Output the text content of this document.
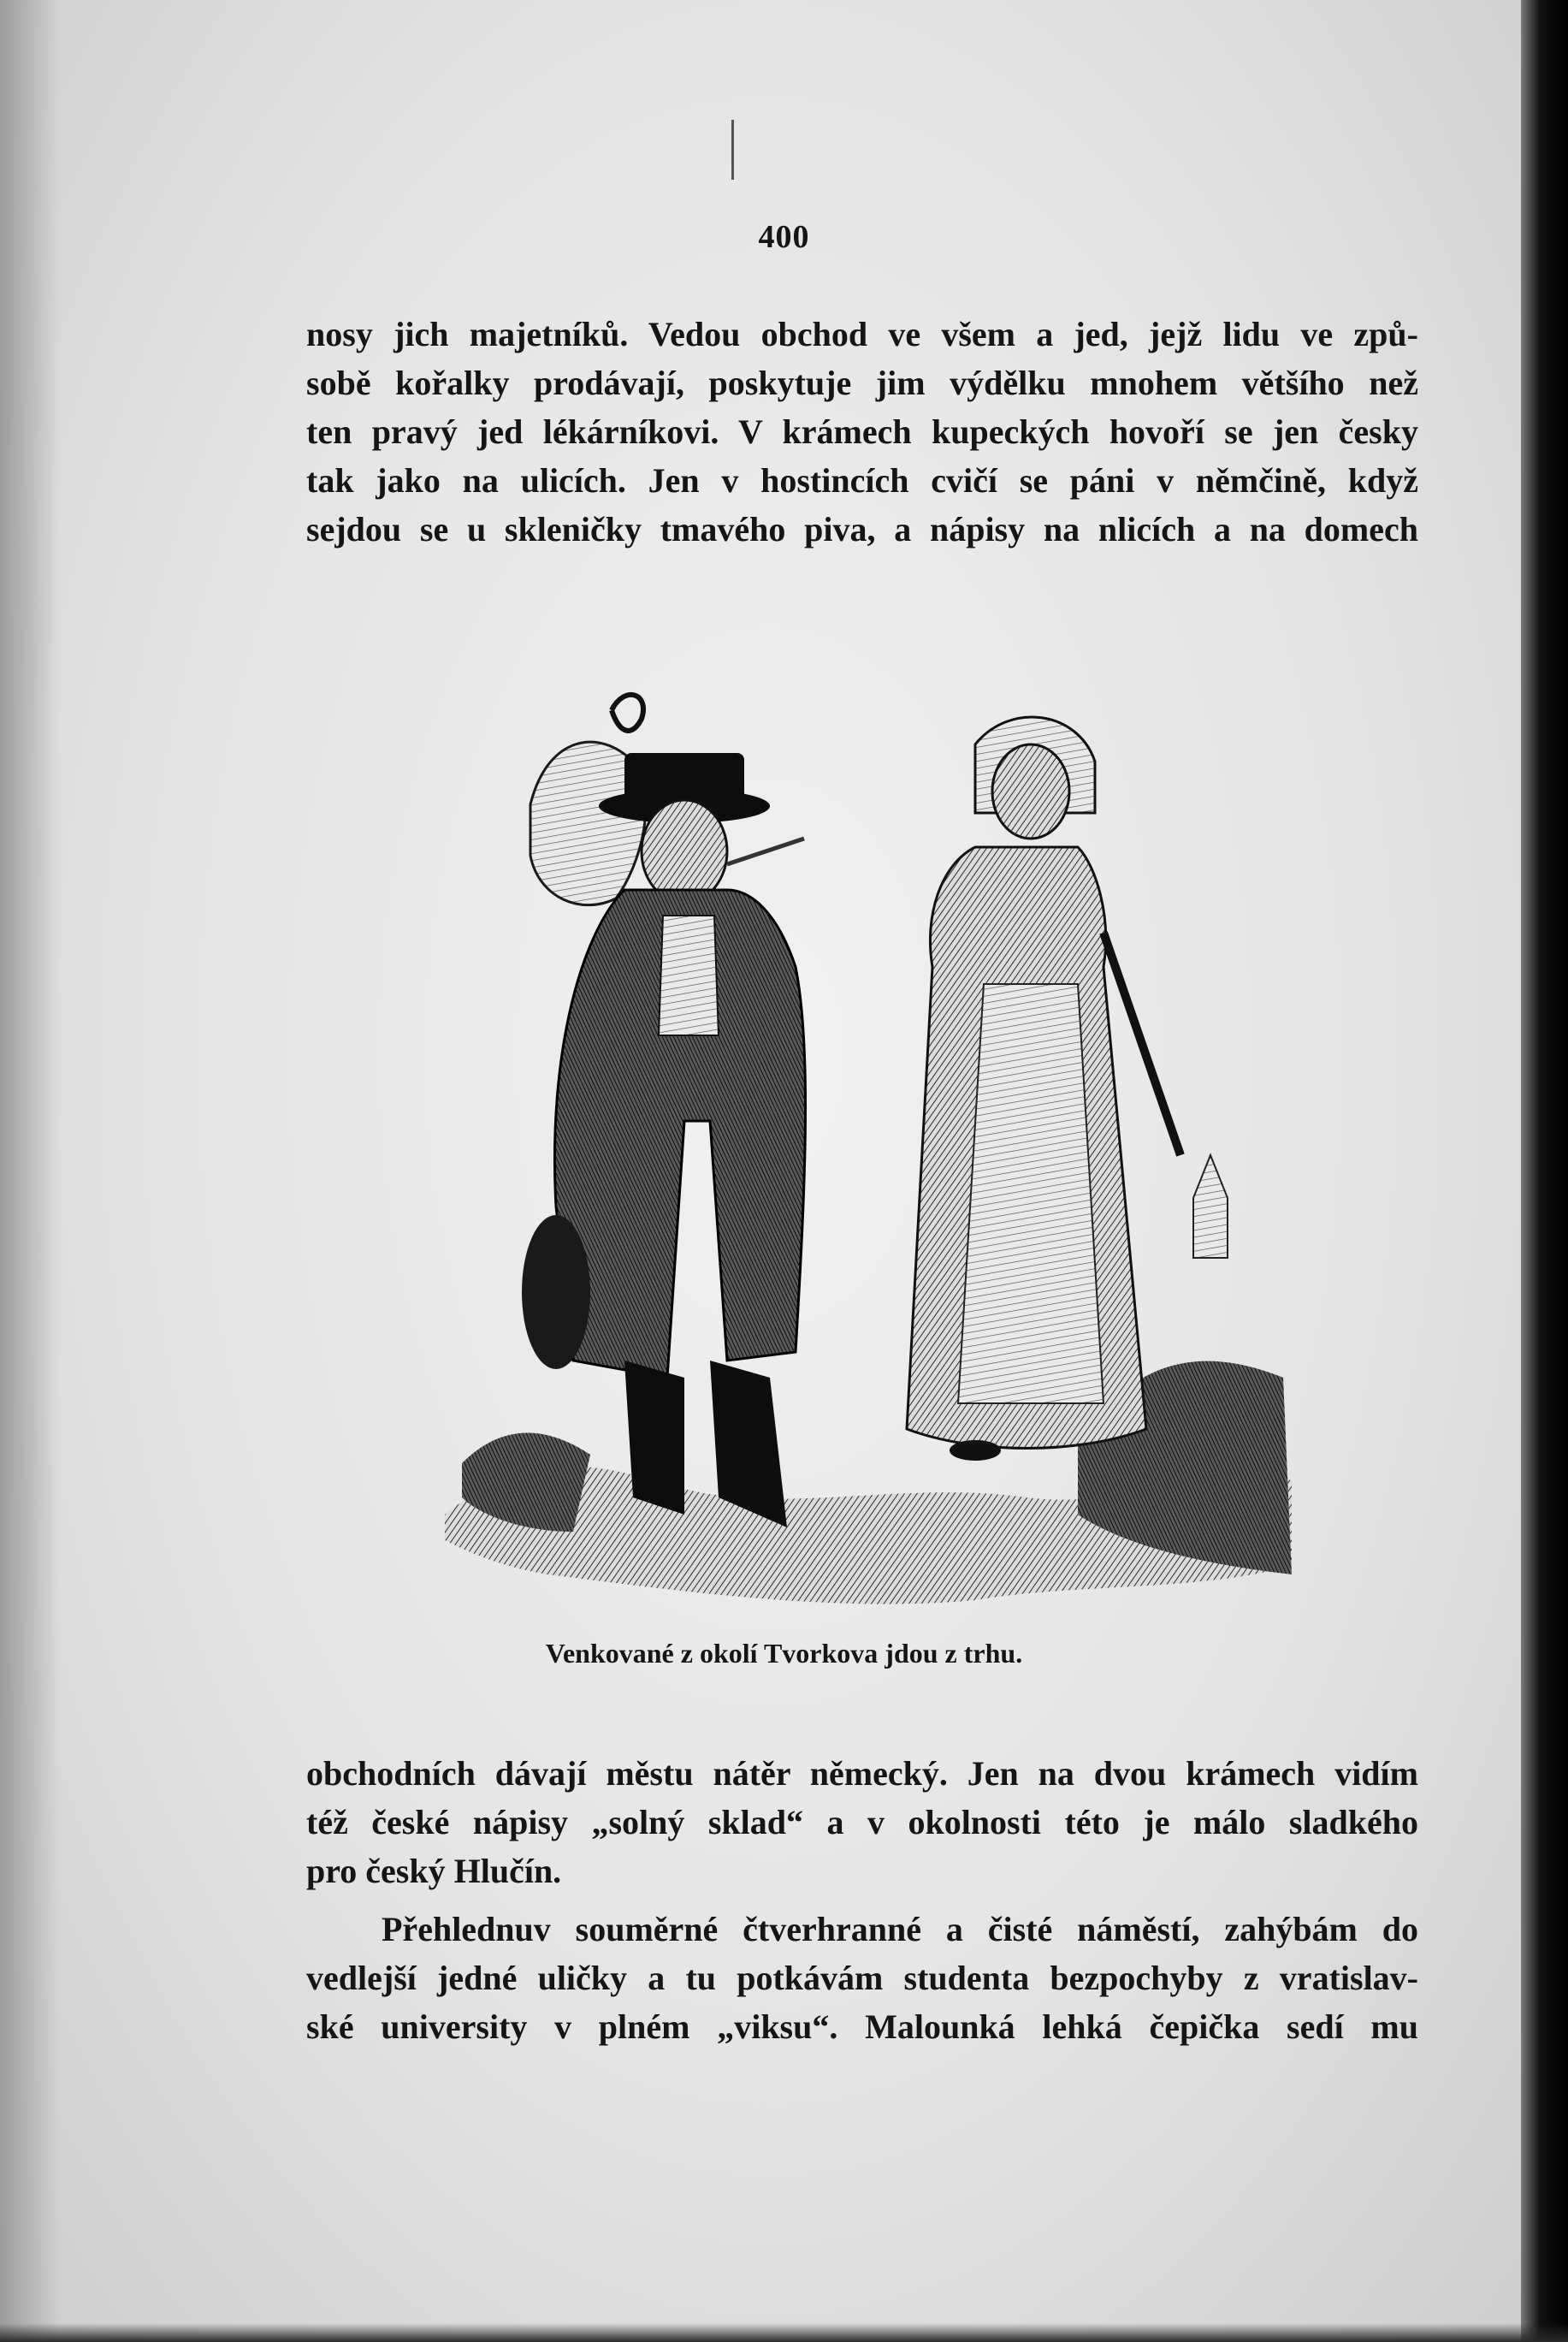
400
nosy jich majetníků. Vedou obchod ve všem a jed, jejž lidu ve způ-
sobě kořalky prodávají, poskytuje jim výdělku mnohem většího než
ten pravý jed lékárníkovi. V krámech kupeckých hovoří se jen česky
tak jako na ulicích. Jen v hostincích cvičí se páni v němčině, když
sejdou se u skleničky tmavého piva, a nápisy na nlicích a na domech
Venkované z okolí Tvorkova jdou z trhu.
obchodních dávají městu nátěr německý. Jen na dvou krámech vidím
též české nápisy „solný sklad“ a v okolnosti této je málo sladkého
pro český Hlučín.
Přehlednuv souměrné čtverhranné a čisté náměstí, zahýbám do
vedlejší jedné uličky a tu potkávám studenta bezpochyby z vratislav-
ské university v plném „viksu“. Malounká lehká čepička sedí mu
